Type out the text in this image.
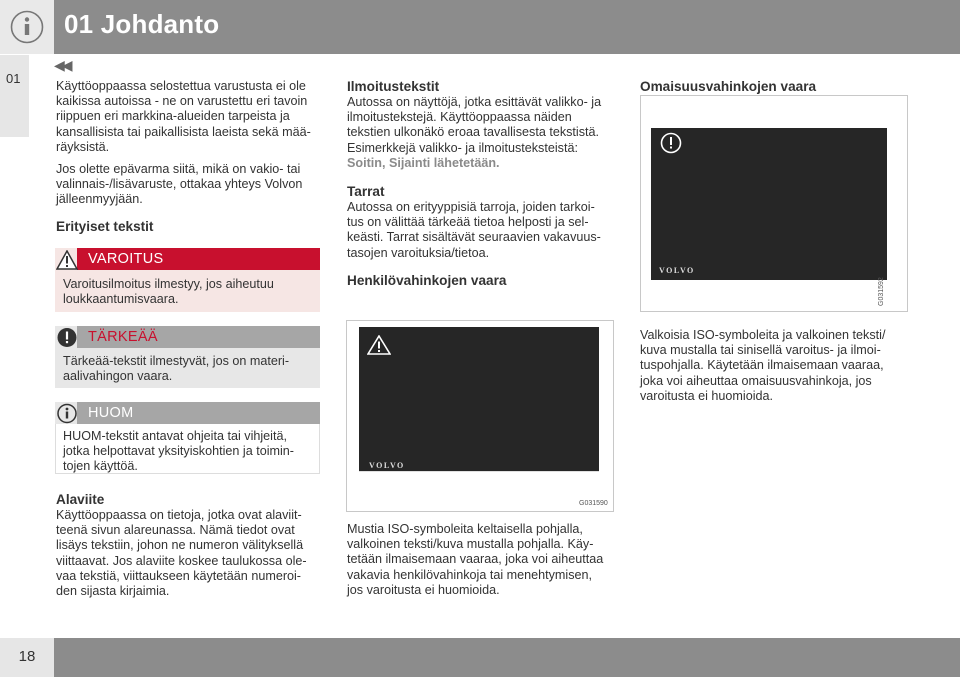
01 Johdanto
01
◀◀
Käyttöoppaassa selostettua varustusta ei ole
kaikissa autoissa - ne on varustettu eri tavoin
riippuen eri markkina-alueiden tarpeista ja
kansallisista tai paikallisista laeista sekä mää-
räyksistä.
Jos olette epävarma siitä, mikä on vakio- tai
valinnais-/lisävaruste, ottakaa yhteys Volvon
jälleenmyyjään.
Erityiset tekstit
VAROITUS
Varoitusilmoitus ilmestyy, jos aiheutuu
loukkaantumisvaara.
TÄRKEÄÄ
Tärkeää-tekstit ilmestyvät, jos on materi-
aalivahingon vaara.
HUOM
HUOM-tekstit antavat ohjeita tai vihjeitä,
jotka helpottavat yksityiskohtien ja toimin-
tojen käyttöä.
Alaviite
Käyttöoppaassa on tietoja, jotka ovat alaviit-
teenä sivun alareunassa. Nämä tiedot ovat
lisäys tekstiin, johon ne numeron välityksellä
viittaavat. Jos alaviite koskee taulukossa ole-
vaa tekstiä, viittaukseen käytetään numeroi-
den sijasta kirjaimia.
Ilmoitustekstit
Autossa on näyttöjä, jotka esittävät valikko- ja
ilmoitustekstejä. Käyttöoppaassa näiden
tekstien ulkonäkö eroaa tavallisesta tekstistä.
Esimerkkejä valikko- ja ilmoitusteksteistä:
Soitin, Sijainti lähetetään.
Tarrat
Autossa on erityyppisiä tarroja, joiden tarkoi-
tus on välittää tärkeää tietoa helposti ja sel-
keästi. Tarrat sisältävät seuraavien vakavuus-
tasojen varoituksia/tietoa.
Henkilövahinkojen vaara
VOLVO
G031590
Mustia ISO-symboleita keltaisella pohjalla,
valkoinen teksti/kuva mustalla pohjalla. Käy-
tetään ilmaisemaan vaaraa, joka voi aiheuttaa
vakavia henkilövahinkoja tai menehtymisen,
jos varoitusta ei huomioida.
Omaisuusvahinkojen vaara
VOLVO
G031592
Valkoisia ISO-symboleita ja valkoinen teksti/
kuva mustalla tai sinisellä varoitus- ja ilmoi-
tuspohjalla. Käytetään ilmaisemaan vaaraa,
joka voi aiheuttaa omaisuusvahinkoja, jos
varoitusta ei huomioida.
18
